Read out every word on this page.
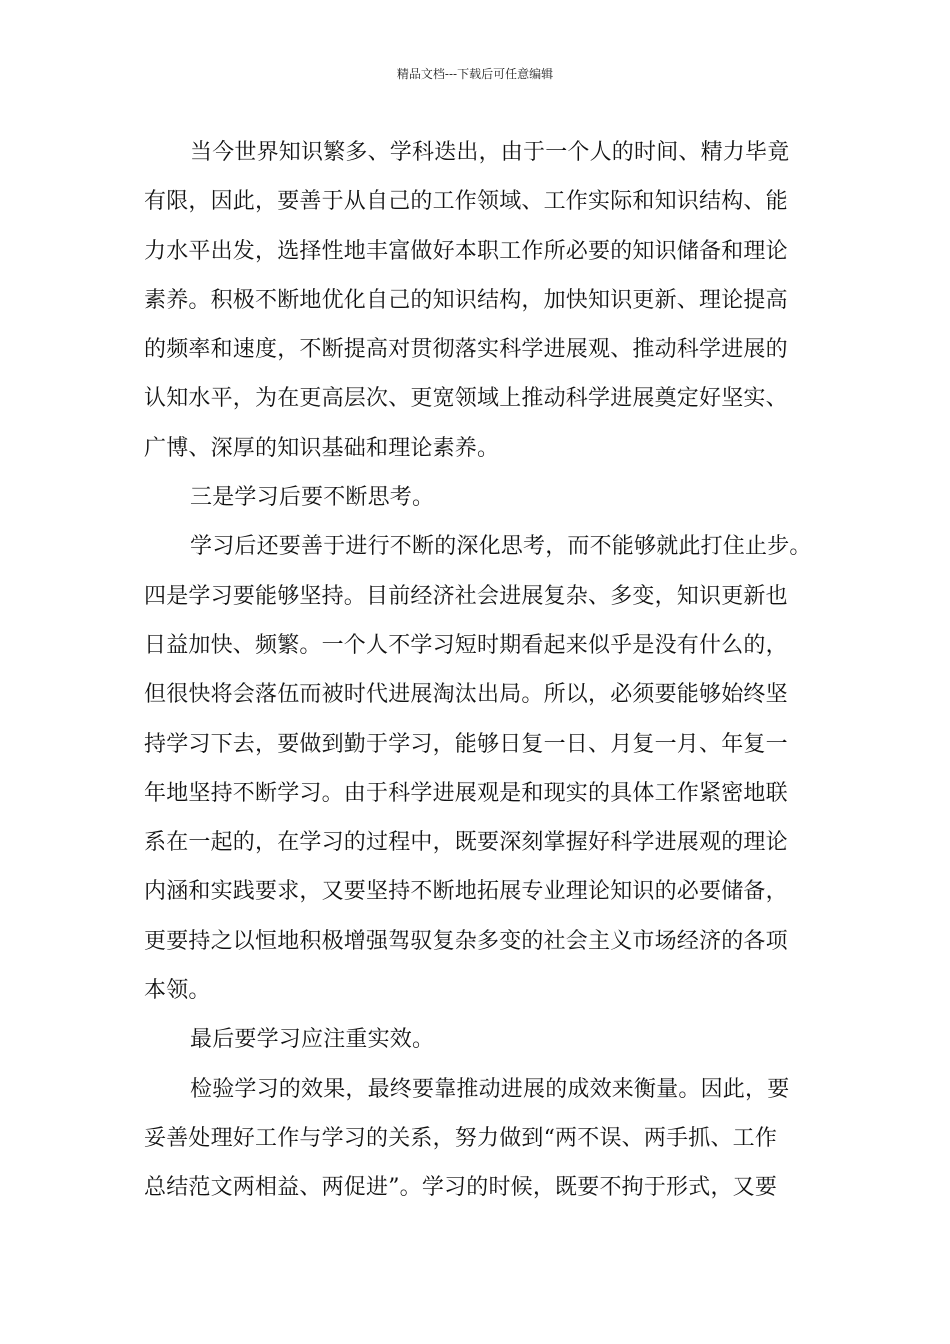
精品文档---下载后可任意编辑
当今世界知识繁多、学科迭出，由于一个人的时间、精力毕竟
有限，因此，要善于从自己的工作领域、工作实际和知识结构、能
力水平出发，选择性地丰富做好本职工作所必要的知识储备和理论
素养。积极不断地优化自己的知识结构，加快知识更新、理论提高
的频率和速度，不断提高对贯彻落实科学进展观、推动科学进展的
认知水平，为在更高层次、更宽领域上推动科学进展奠定好坚实、
广博、深厚的知识基础和理论素养。
三是学习后要不断思考。
学习后还要善于进行不断的深化思考，而不能够就此打住止步。
四是学习要能够坚持。目前经济社会进展复杂、多变，知识更新也
日益加快、频繁。一个人不学习短时期看起来似乎是没有什么的，
但很快将会落伍而被时代进展淘汰出局。所以，必须要能够始终坚
持学习下去，要做到勤于学习，能够日复一日、月复一月、年复一
年地坚持不断学习。由于科学进展观是和现实的具体工作紧密地联
系在一起的，在学习的过程中，既要深刻掌握好科学进展观的理论
内涵和实践要求，又要坚持不断地拓展专业理论知识的必要储备，
更要持之以恒地积极增强驾驭复杂多变的社会主义市场经济的各项
本领。
最后要学习应注重实效。
检验学习的效果，最终要靠推动进展的成效来衡量。因此，要
妥善处理好工作与学习的关系，努力做到“两不误、两手抓、工作
总结范文两相益、两促进”。学习的时候，既要不拘于形式，又要
